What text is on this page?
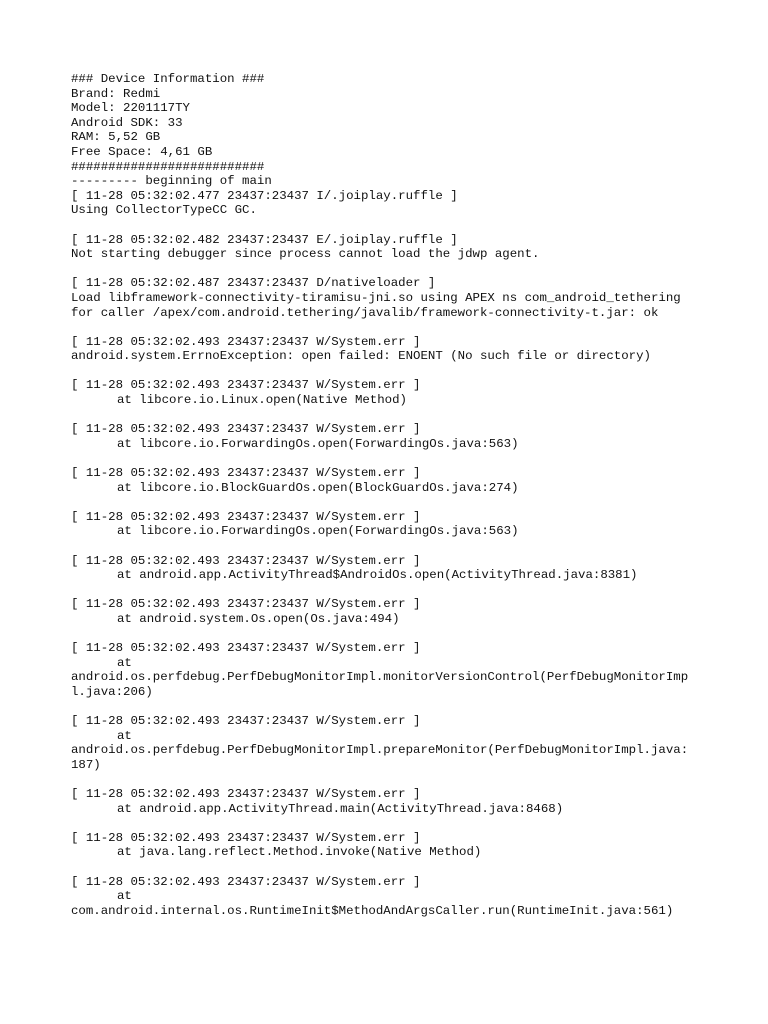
### Device Information ###
Brand: Redmi
Model: 2201117TY
Android SDK: 33
RAM: 5,52 GB
Free Space: 4,61 GB
##########################
--------- beginning of main
[ 11-28 05:32:02.477 23437:23437 I/.joiplay.ruffle ]
Using CollectorTypeCC GC.
[ 11-28 05:32:02.482 23437:23437 E/.joiplay.ruffle ]
Not starting debugger since process cannot load the jdwp agent.
[ 11-28 05:32:02.487 23437:23437 D/nativeloader ]
Load libframework-connectivity-tiramisu-jni.so using APEX ns com_android_tethering
for caller /apex/com.android.tethering/javalib/framework-connectivity-t.jar: ok
[ 11-28 05:32:02.493 23437:23437 W/System.err ]
android.system.ErrnoException: open failed: ENOENT (No such file or directory)
[ 11-28 05:32:02.493 23437:23437 W/System.err ]
at libcore.io.Linux.open(Native Method)
[ 11-28 05:32:02.493 23437:23437 W/System.err ]
at libcore.io.ForwardingOs.open(ForwardingOs.java:563)
[ 11-28 05:32:02.493 23437:23437 W/System.err ]
at libcore.io.BlockGuardOs.open(BlockGuardOs.java:274)
[ 11-28 05:32:02.493 23437:23437 W/System.err ]
at libcore.io.ForwardingOs.open(ForwardingOs.java:563)
[ 11-28 05:32:02.493 23437:23437 W/System.err ]
at android.app.ActivityThread$AndroidOs.open(ActivityThread.java:8381)
[ 11-28 05:32:02.493 23437:23437 W/System.err ]
at android.system.Os.open(Os.java:494)
[ 11-28 05:32:02.493 23437:23437 W/System.err ]
at
android.os.perfdebug.PerfDebugMonitorImpl.monitorVersionControl(PerfDebugMonitorImp
l.java:206)
[ 11-28 05:32:02.493 23437:23437 W/System.err ]
at
android.os.perfdebug.PerfDebugMonitorImpl.prepareMonitor(PerfDebugMonitorImpl.java:
187)
[ 11-28 05:32:02.493 23437:23437 W/System.err ]
at android.app.ActivityThread.main(ActivityThread.java:8468)
[ 11-28 05:32:02.493 23437:23437 W/System.err ]
at java.lang.reflect.Method.invoke(Native Method)
[ 11-28 05:32:02.493 23437:23437 W/System.err ]
at
com.android.internal.os.RuntimeInit$MethodAndArgsCaller.run(RuntimeInit.java:561)
